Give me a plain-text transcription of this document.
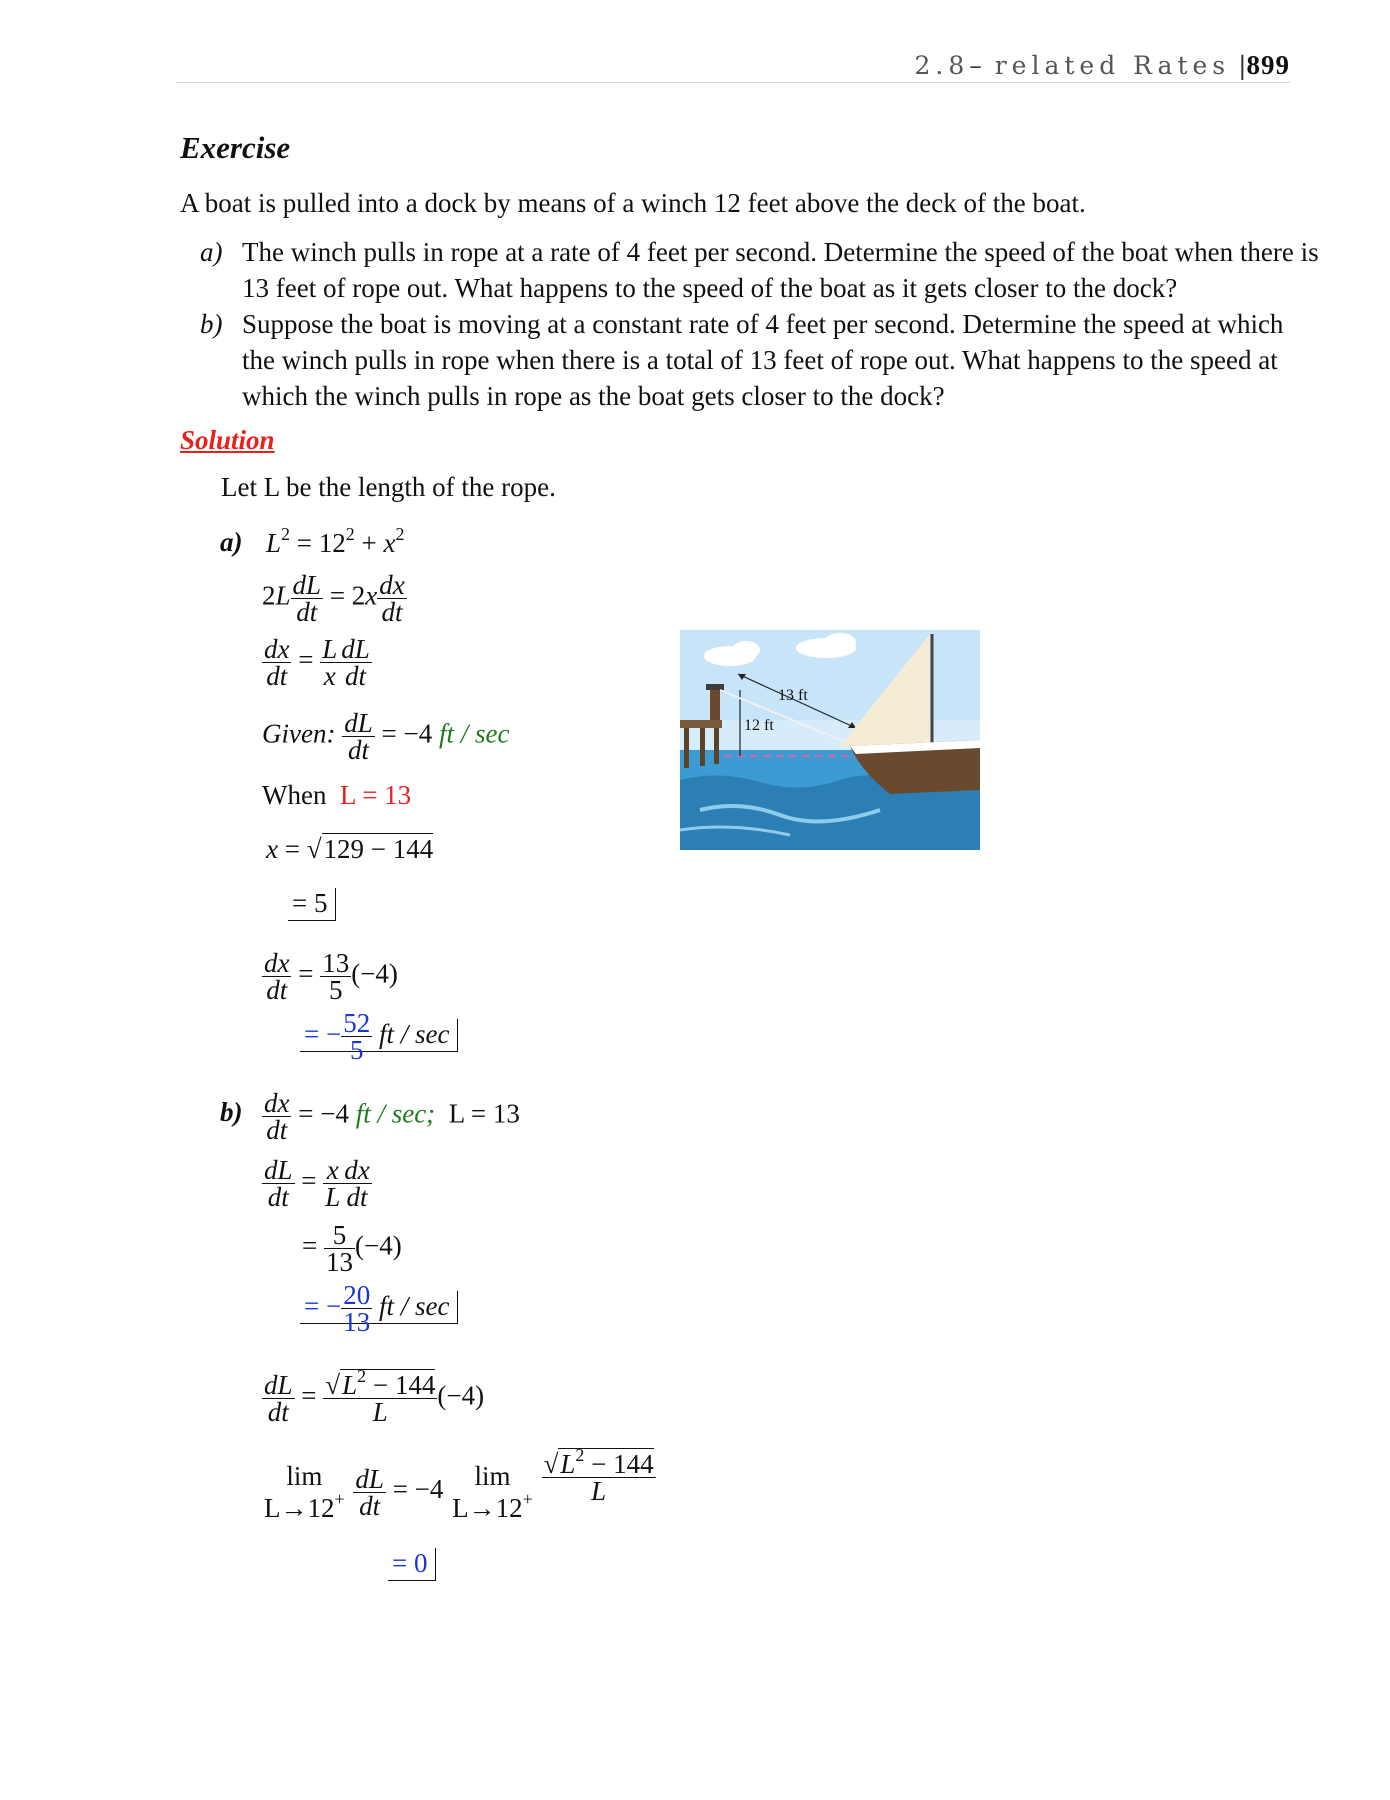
2.8– related Rates |899
Exercise
A boat is pulled into a dock by means of a winch 12 feet above the deck of the boat.
a) The winch pulls in rope at a rate of 4 feet per second. Determine the speed of the boat when there is 13 feet of rope out. What happens to the speed of the boat as it gets closer to the dock?
b) Suppose the boat is moving at a constant rate of 4 feet per second. Determine the speed at which the winch pulls in rope when there is a total of 13 feet of rope out. What happens to the speed at which the winch pulls in rope as the boat gets closer to the dock?
Solution
Let L be the length of the rope.
a) $L^2 = 12^2 + x^2$
$2L \frac{dL}{dt} = 2x \frac{dx}{dt}$
$\frac{dx}{dt} = \frac{L}{x} \frac{dL}{dt}$
Given: $\frac{dL}{dt} = -4$ ft / sec
When L = 13
x = √129 − 144
= 5
$\frac{dx}{dt} = \frac{13}{5} (-4)$
= − $\frac{52}{5}$ ft / sec
$b) \frac{dx}{dt} = -4$ ft / sec; L = 13
$\frac{dL}{dt} = \frac{x}{L} \frac{dx}{dt}$
= $\frac{5}{13} (-4)$
= − $\frac{20}{13}$ ft / sec
$\frac{dL}{dt} = \frac{√L^2 - 144}{L} (-4)$
lim
L→12+
$\frac{dL}{dt} = -4$	lim
L→12+
$\frac{√L^2 - 144}{L}$
= 0
13 ft
12 ft
